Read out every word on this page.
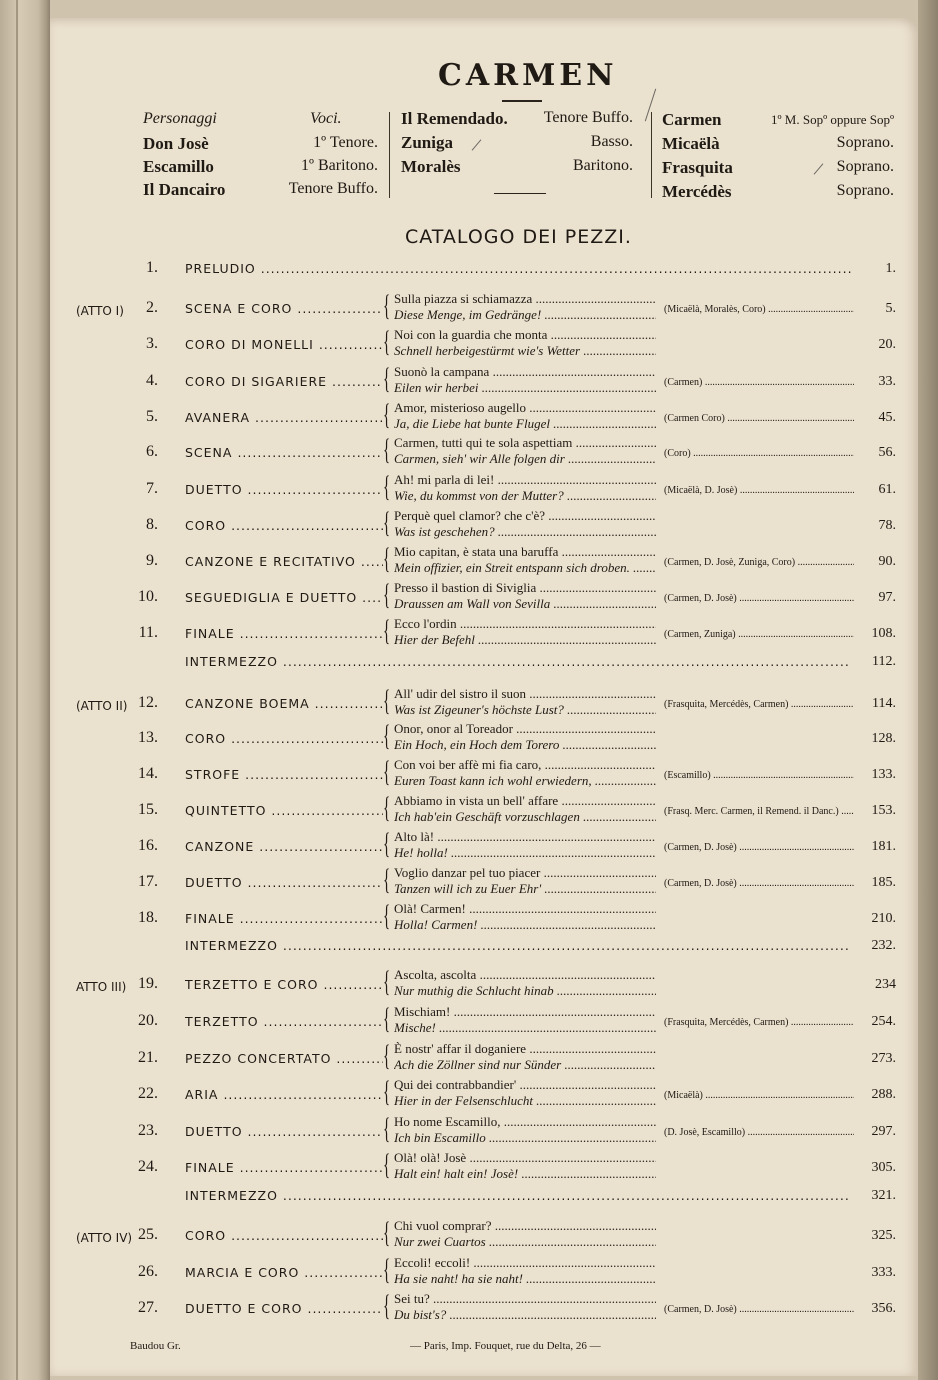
CARMEN
Personaggi	Voci.
Don Josè	1º Tenore.
Escamillo	1º Baritono.
Il Dancairo	Tenore Buffo.
Il Remendado. Tenore Buffo.
Zuniga	Basso.
Moralès	Baritono.
Carmen	1º M. Sopº oppure Sopº
Micaëlà	Soprano.
Frasquita	Soprano.
Mercédès	Soprano.
CATALOGO DEI PEZZI.
1. PRELUDIO .....	1.
(ATTO I)	2. SCENA E CORO .....	{ Sulla piazza si schiamazza .....
Diese Menge, im Gedränge! .....	(Micaëlà, Moralès, Coro) .....	5.
3. CORO DI MONELLI .....	{ Noi con la guardia che monta .....
Schnell herbeigestürmt wie's Wetter .....	20.
4. CORO DI SIGARIERE .....	{ Suonò la campana .....
Eilen wir herbei .....	(Carmen) .....	33.
5. AVANERA .....	{ Amor, misterioso augello .....
Ja, die Liebe hat bunte Flugel .....	(Carmen Coro) .....	45.
6. SCENA .....	{ Carmen, tutti qui te sola aspettiam .....
Carmen, sieh' wir Alle folgen dir .....	(Coro) .....	56.
7. DUETTO .....	{ Ah! mi parla di lei! .....
Wie, du kommst von der Mutter? .....	(Micaëlà, D. Josè) .....	61.
8. CORO .....	{ Perquè quel clamor? che c'è? .....
Was ist geschehen? .....	78.
9. CANZONE E RECITATIVO ..... { Mio capitan, è stata una baruffa .....
Mein offizier, ein Streit entspann sich droben. .....	(Carmen, D. Josè, Zuniga, Coro) .....	90.
10. SEGUEDIGLIA E DUETTO ..... { Presso il bastion di Siviglia .....
Draussen am Wall von Sevilla .....	(Carmen, D. Josè) .....	97.
11. FINALE .....	{ Ecco l'ordin .....
Hier der Befehl .....	(Carmen, Zuniga) .....	108.
INTERMEZZO .....	112.
(ATTO II) 12. CANZONE BOEMA .....	{ All' udir del sistro il suon .....
Was ist Zigeuner's höchste Lust? .....	(Frasquita, Mercédès, Carmen) .....	114.
13. CORO .....	{ Onor, onor al Toreador .....
Ein Hoch, ein Hoch dem Torero .....	128.
14. STROFE .....	{ Con voi ber affè mi fia caro, .....
Euren Toast kann ich wohl erwiedern, .....	(Escamillo) .....	133.
15. QUINTETTO .....	{ Abbiamo in vista un bell' affare .....
Ich hab'ein Geschäft vorzuschlagen .....	(Frasq. Merc. Carmen, il Remend. il Danc.) .....	153.
16. CANZONE .....	{ Alto là! .....
He! holla! .....	(Carmen, D. Josè) .....	181.
17. DUETTO .....	{ Voglio danzar pel tuo piacer .....
Tanzen will ich zu Euer Ehr' .....	(Carmen, D. Josè) .....	185.
18. FINALE .....	{ Olà! Carmen! .....
Holla! Carmen! .....	210.
INTERMEZZO .....	232.
ATTO III) 19. TERZETTO E CORO .....	{ Ascolta, ascolta .....
Nur muthig die Schlucht hinab .....	234
20. TERZETTO .....	{ Mischiam! .....
Mische! .....	(Frasquita, Mercédès, Carmen) .....	254.
21. PEZZO CONCERTATO .....	{ È nostr' affar il doganiere .....
Ach die Zöllner sind nur Sünder .....	273.
22. ARIA .....	{ Qui dei contrabbandier' .....
Hier in der Felsenschlucht .....	(Micaëlà) .....	288.
23. DUETTO .....	{ Ho nome Escamillo, .....
Ich bin Escamillo .....	(D. Josè, Escamillo) .....	297.
24. FINALE .....	{ Olà! olà! Josè .....
Halt ein! halt ein! Josè! .....	305.
INTERMEZZO .....	321.
(ATTO IV) 25. CORO .....	{ Chi vuol comprar? .....
Nur zwei Cuartos .....	325.
26. MARCIA E CORO .....	{ Eccoli! eccoli! .....
Ha sie naht! ha sie naht! .....	333.
27. DUETTO E CORO .....	{ Sei tu? .....
Du bist's? .....	(Carmen, D. Josè) .....	356.
Baudou Gr.	— Paris, Imp. Fouquet, rue du Delta, 26 —
